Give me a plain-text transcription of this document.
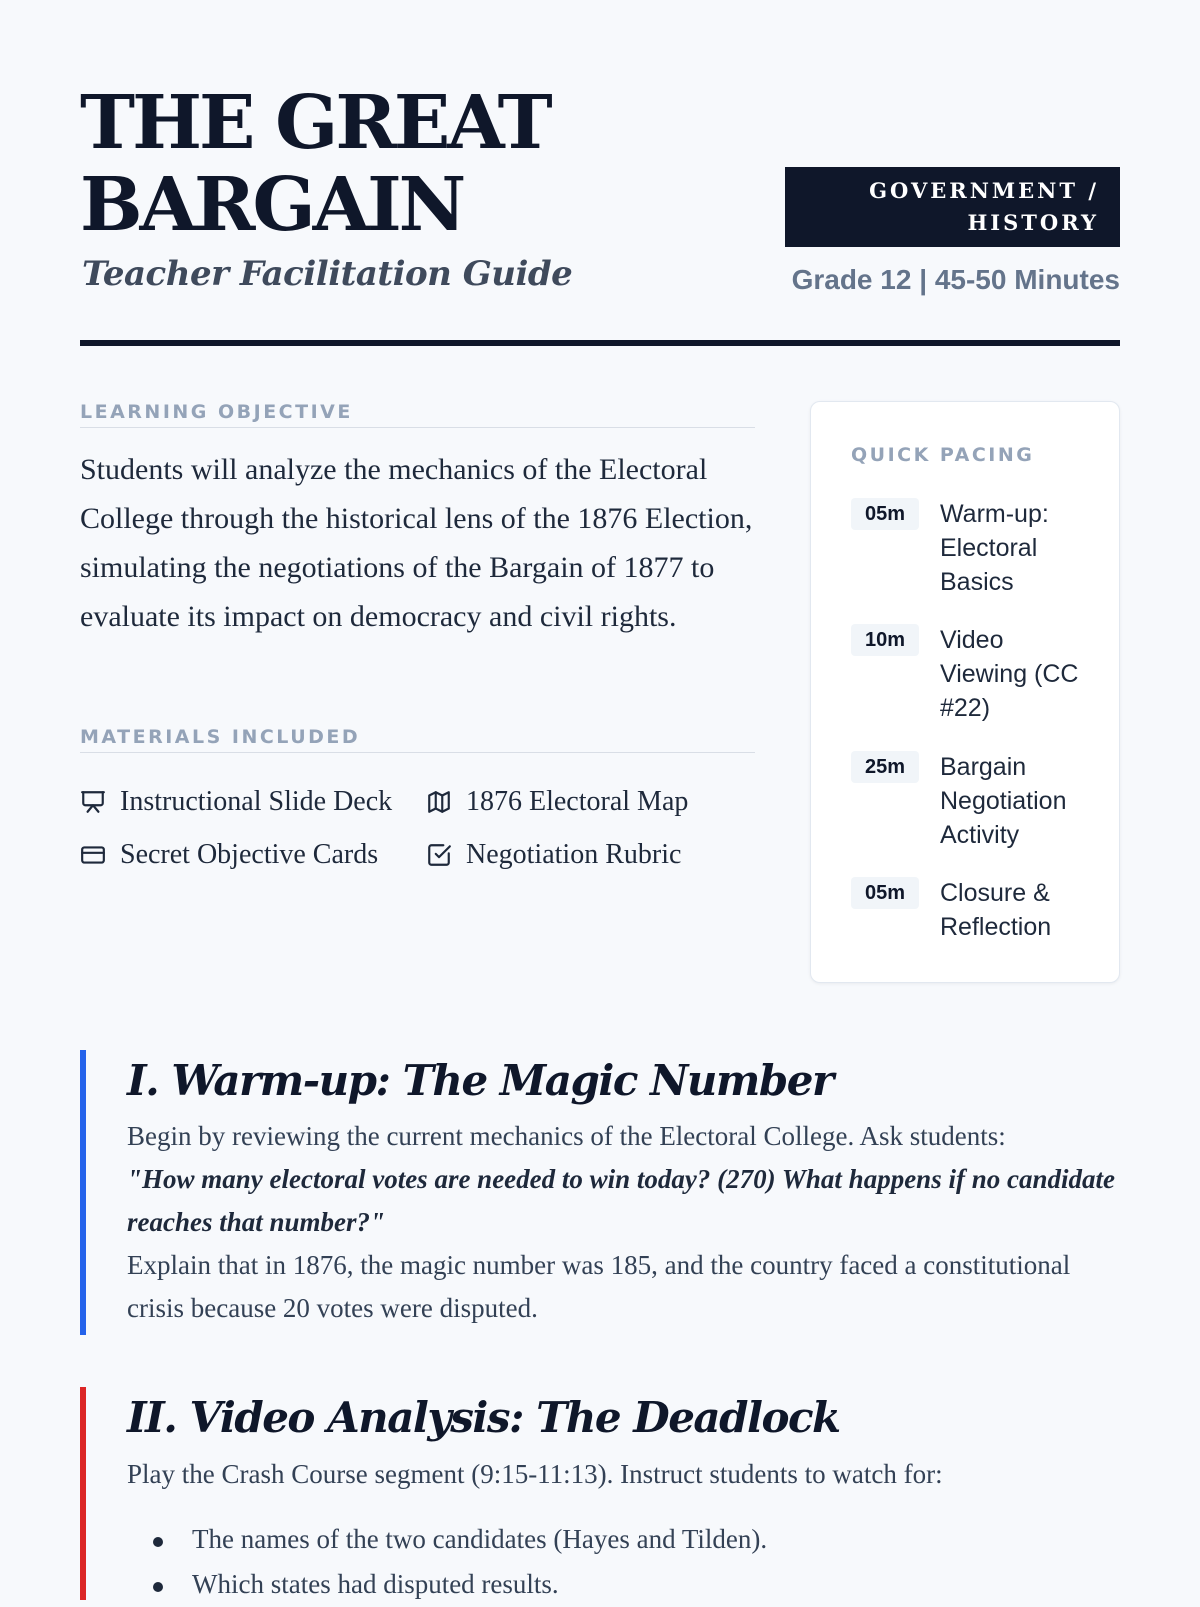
THE GREAT
BARGAIN
Teacher Facilitation Guide
GOVERNMENT /
HISTORY
Grade 12 | 45-50 Minutes
LEARNING OBJECTIVE
Students will analyze the mechanics of the Electoral College through the historical lens of the 1876 Election, simulating the negotiations of the Bargain of 1877 to evaluate its impact on democracy and civil rights.
MATERIALS INCLUDED
Instructional Slide Deck	1876 Electoral Map
Secret Objective Cards	Negotiation Rubric
QUICK PACING
05m	Warm-up: Electoral Basics
10m	Video Viewing (CC #22)
25m	Bargain Negotiation Activity
05m	Closure & Reflection
I. Warm-up: The Magic Number
Begin by reviewing the current mechanics of the Electoral College. Ask students:
"How many electoral votes are needed to win today? (270) What happens if no candidate reaches that number?"
Explain that in 1876, the magic number was 185, and the country faced a constitutional crisis because 20 votes were disputed.
II. Video Analysis: The Deadlock
Play the Crash Course segment (9:15-11:13). Instruct students to watch for:
The names of the two candidates (Hayes and Tilden).
Which states had disputed results.
